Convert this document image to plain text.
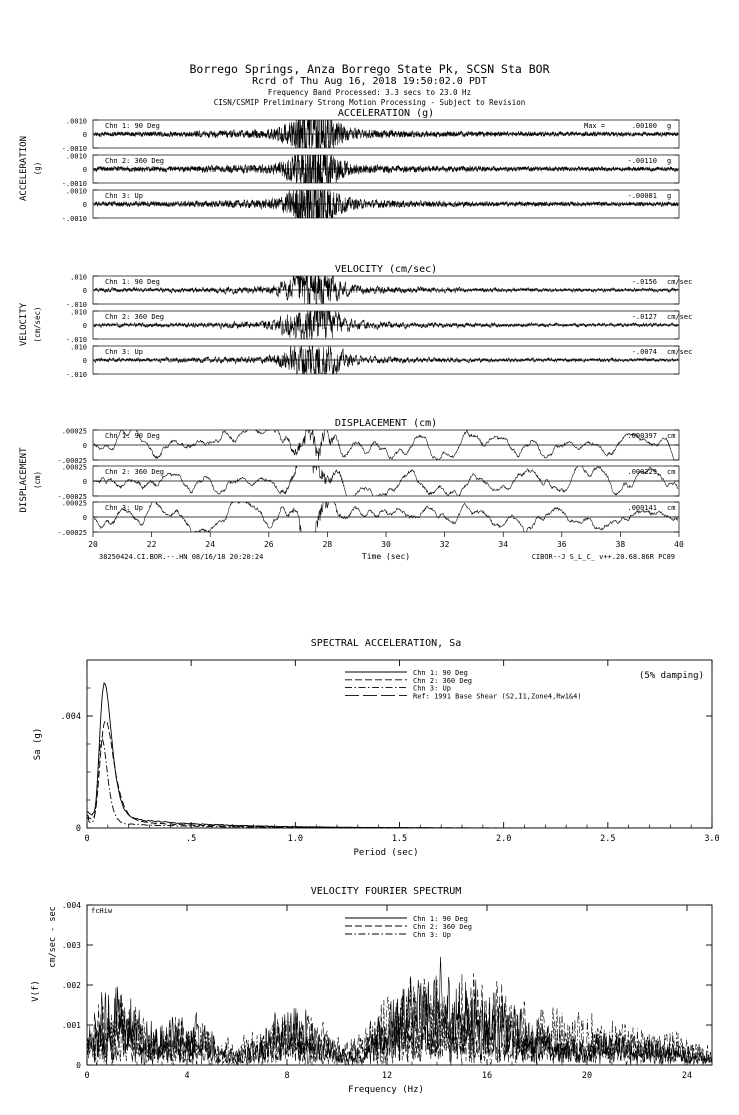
Borrego Springs, Anza Borrego State Pk, SCSN Sta BOR
Rcrd of Thu Aug 16, 2018 19:50:02.0 PDT
Frequency Band Processed: 3.3 secs to 23.0 Hz
CISN/CSMIP Preliminary Strong Motion Processing - Subject to Revision
ACCELERATION (g)
ACCELERATION (g)
.0010
0
-.0010
Chn 1: 90 Deg	Max =	.00100 g
.0010
0
-.0010
Chn 2: 360 Deg	-.00110 g
.0010
0
-.0010
Chn 3: Up	-.00081 g
VELOCITY (cm/sec)
VELOCITY (cm/sec)
.010
0
-.010
Chn 1: 90 Deg	-.0156 cm/sec
.010
0
-.010
Chn 2: 360 Deg	-.0127 cm/sec
.010
0
-.010
Chn 3: Up	-.0074 cm/sec
DISPLACEMENT (cm)
DISPLACEMENT (cm)
.00025
0
-.00025
Chn 1: 90 Deg	.000397 cm
.00025
0
-.00025
Chn 2: 360 Deg	.000229 cm
.00025
0
-.00025
Chn 3: Up	.000141 cm
20	22	24	26	28	30	32	34	36	38	40
Time (sec)
38250424.CI.BOR.--.HN 08/16/18 20:20:24	CIBOR--J S_L_C_ v++.20.68.86R PC89
SPECTRAL ACCELERATION, Sa
0	.5	1.0	1.5	2.0	2.5	3.0
Period (sec)
0
.004
Sa (g)
(5% damping)
Chn 1: 90 Deg
Chn 2: 360 Deg
Chn 3: Up
Ref: 1991 Base Shear (S2,I1,Zone4,Rw1&4)
VELOCITY FOURIER SPECTRUM
0	4	8	12	16	20	24
Frequency (Hz)
0
.001
.002
.003
.004
V(f)
cm/sec - sec	fcHiw
Chn 1: 90 Deg
Chn 2: 360 Deg
Chn 3: Up
